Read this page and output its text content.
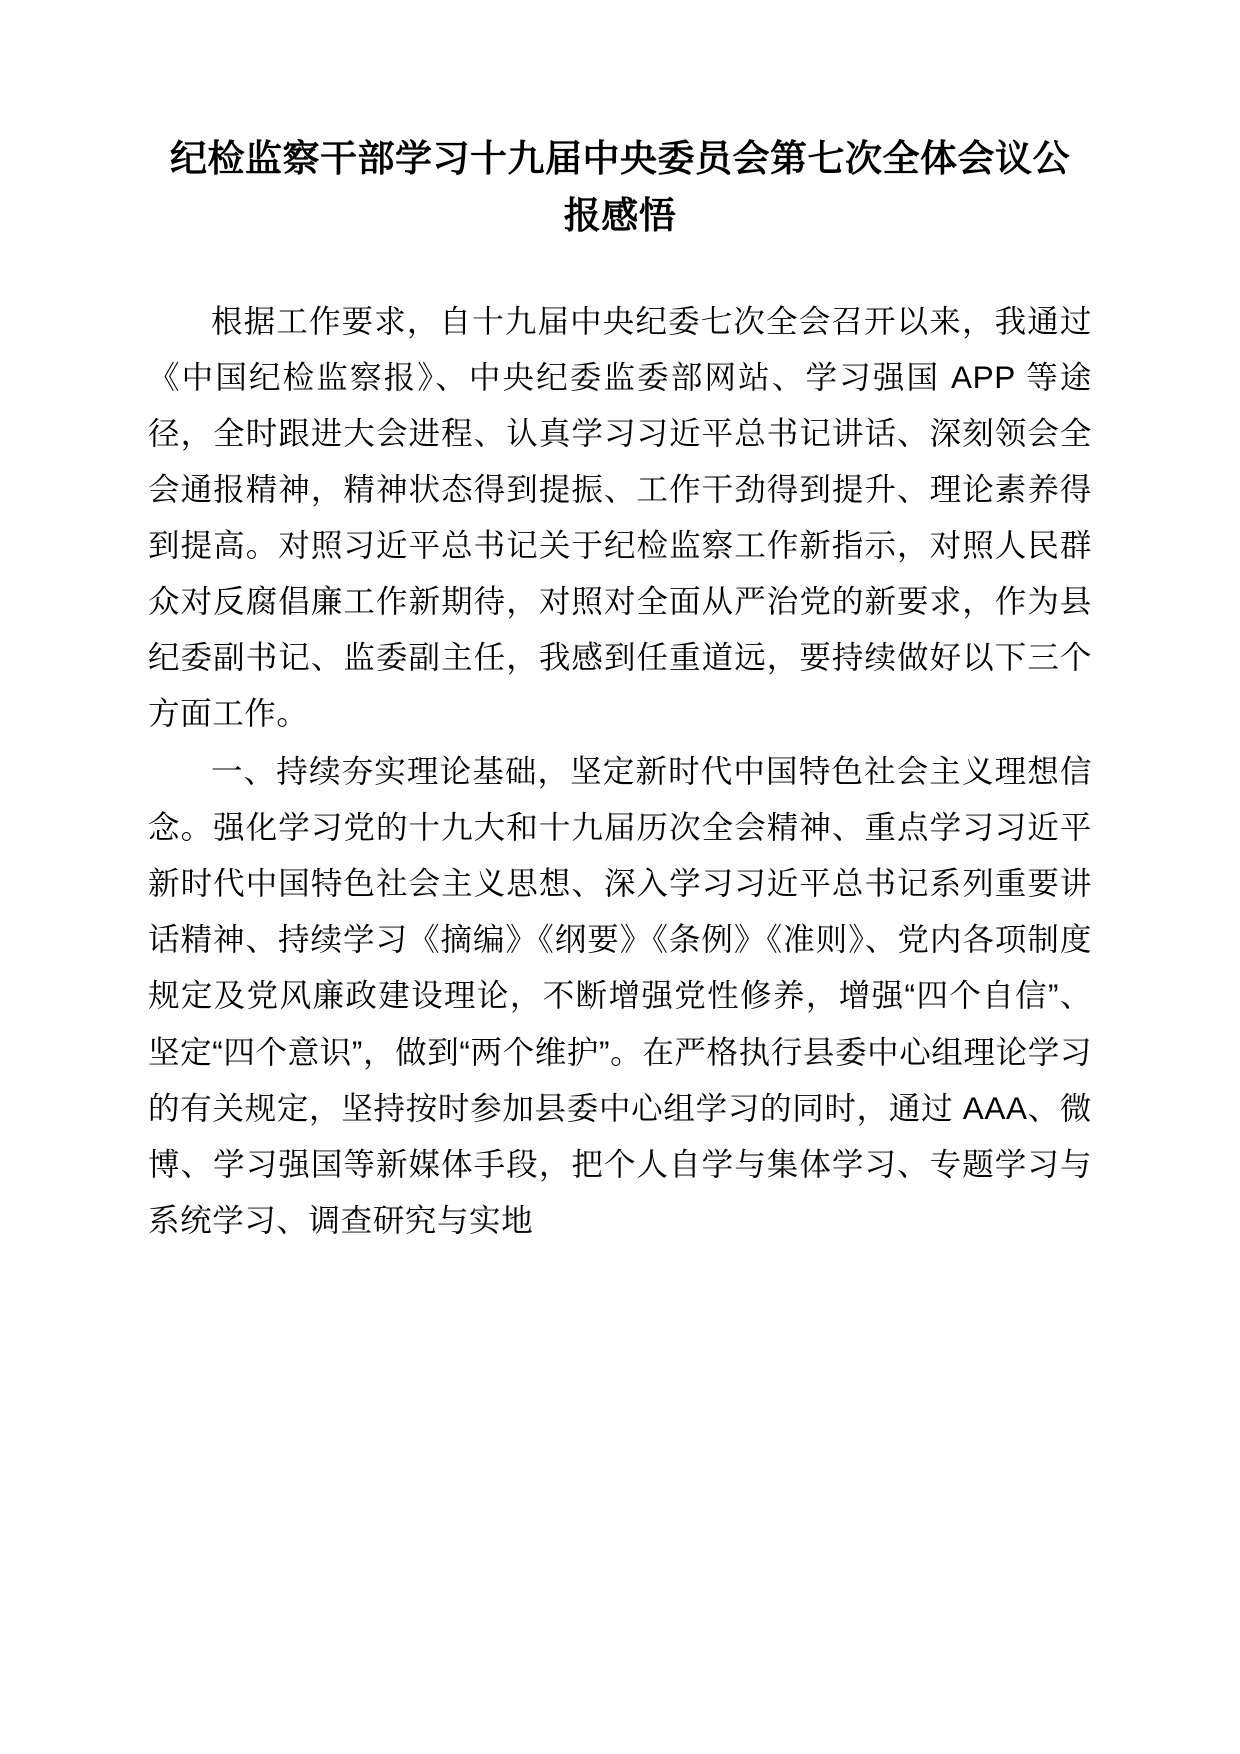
纪检监察干部学习十九届中央委员会第七次全体会议公报感悟

根据工作要求，自十九届中央纪委七次全会召开以来，我通过《中国纪检监察报》、中央纪委监委部网站、学习强国 APP 等途径，全时跟进大会进程、认真学习习近平总书记讲话、深刻领会全会通报精神，精神状态得到提振、工作干劲得到提升、理论素养得到提高。对照习近平总书记关于纪检监察工作新指示，对照人民群众对反腐倡廉工作新期待，对照对全面从严治党的新要求，作为县纪委副书记、监委副主任，我感到任重道远，要持续做好以下三个方面工作。

一、持续夯实理论基础，坚定新时代中国特色社会主义理想信念。强化学习党的十九大和十九届历次全会精神、重点学习习近平新时代中国特色社会主义思想、深入学习习近平总书记系列重要讲话精神、持续学习《摘编》《纲要》《条例》《准则》、党内各项制度规定及党风廉政建设理论，不断增强党性修养，增强“四个自信”、坚定“四个意识”，做到“两个维护”。在严格执行县委中心组理论学习的有关规定，坚持按时参加县委中心组学习的同时，通过 AAA、微博、学习强国等新媒体手段，把个人自学与集体学习、专题学习与系统学习、调查研究与实地
